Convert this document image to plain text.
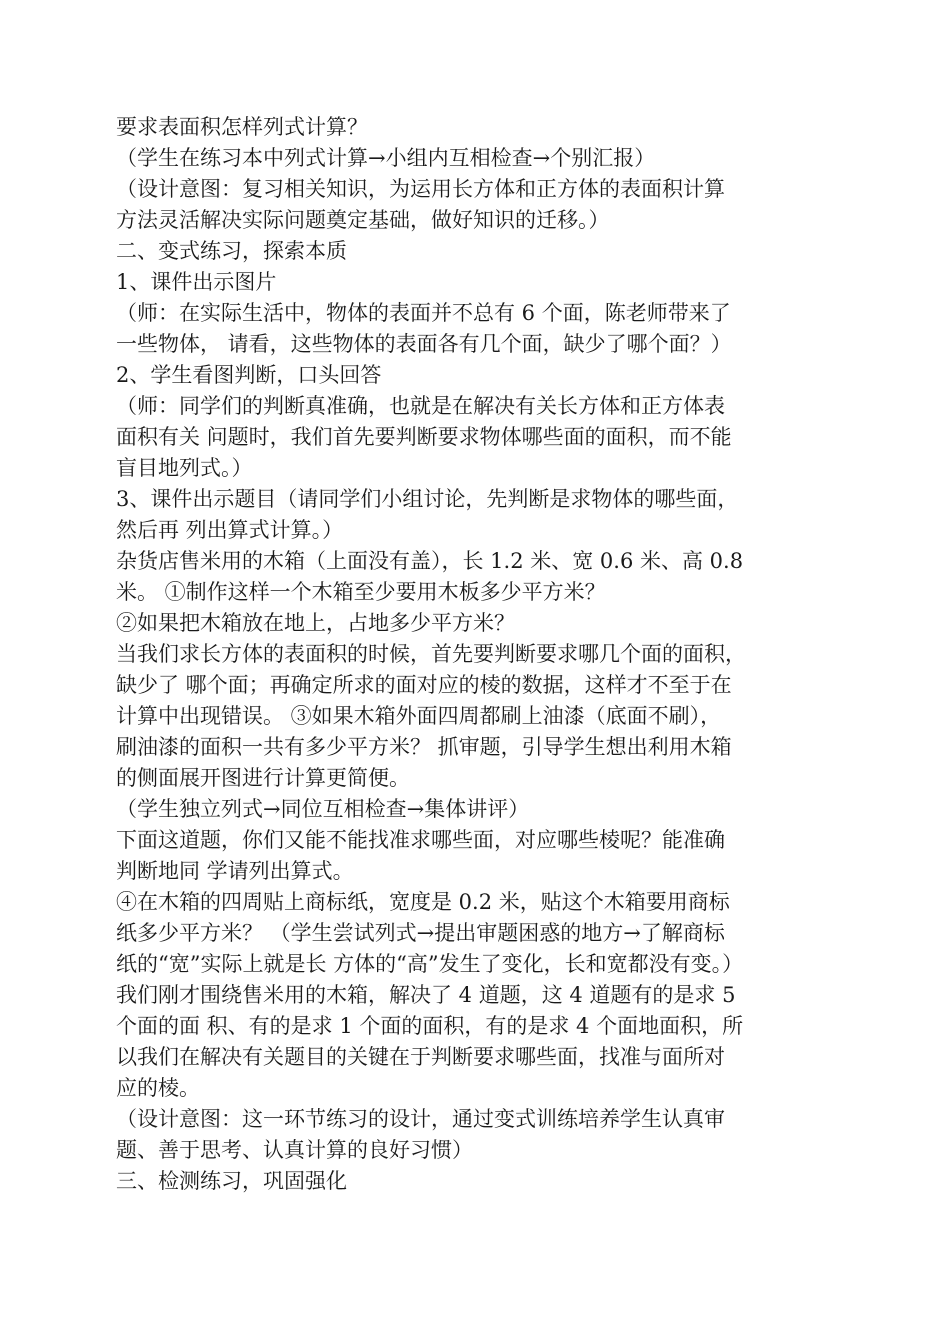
要求表面积怎样列式计算？
（学生在练习本中列式计算→小组内互相检查→个别汇报）
（设计意图：复习相关知识，为运用长方体和正方体的表面积计算
方法灵活解决实际问题奠定基础，做好知识的迁移。）
二、变式练习，探索本质
1、课件出示图片
（师：在实际生活中，物体的表面并不总有 6 个面，陈老师带来了
一些物体， 请看，这些物体的表面各有几个面，缺少了哪个面？）
2、学生看图判断，口头回答
（师：同学们的判断真准确，也就是在解决有关长方体和正方体表
面积有关 问题时，我们首先要判断要求物体哪些面的面积，而不能
盲目地列式。）
3、课件出示题目（请同学们小组讨论，先判断是求物体的哪些面，
然后再 列出算式计算。）
杂货店售米用的木箱（上面没有盖），长 1.2 米、宽 0.6 米、高 0.8
米。 ①制作这样一个木箱至少要用木板多少平方米？
②如果把木箱放在地上，占地多少平方米？
当我们求长方体的表面积的时候，首先要判断要求哪几个面的面积，
缺少了 哪个面；再确定所求的面对应的棱的数据，这样才不至于在
计算中出现错误。 ③如果木箱外面四周都刷上油漆（底面不刷），
刷油漆的面积一共有多少平方米？ 抓审题，引导学生想出利用木箱
的侧面展开图进行计算更简便。
（学生独立列式→同位互相检查→集体讲评）
下面这道题，你们又能不能找准求哪些面，对应哪些棱呢？能准确
判断地同 学请列出算式。
④在木箱的四周贴上商标纸，宽度是 0.2 米，贴这个木箱要用商标
纸多少平方米？ （学生尝试列式→提出审题困惑的地方→了解商标
纸的“宽”实际上就是长 方体的“高”发生了变化，长和宽都没有变。）
我们刚才围绕售米用的木箱，解决了 4 道题，这 4 道题有的是求 5
个面的面 积、有的是求 1 个面的面积，有的是求 4 个面地面积，所
以我们在解决有关题目的关键在于判断要求哪些面，找准与面所对
应的棱。
（设计意图：这一环节练习的设计，通过变式训练培养学生认真审
题、善于思考、认真计算的良好习惯）
三、检测练习，巩固强化
